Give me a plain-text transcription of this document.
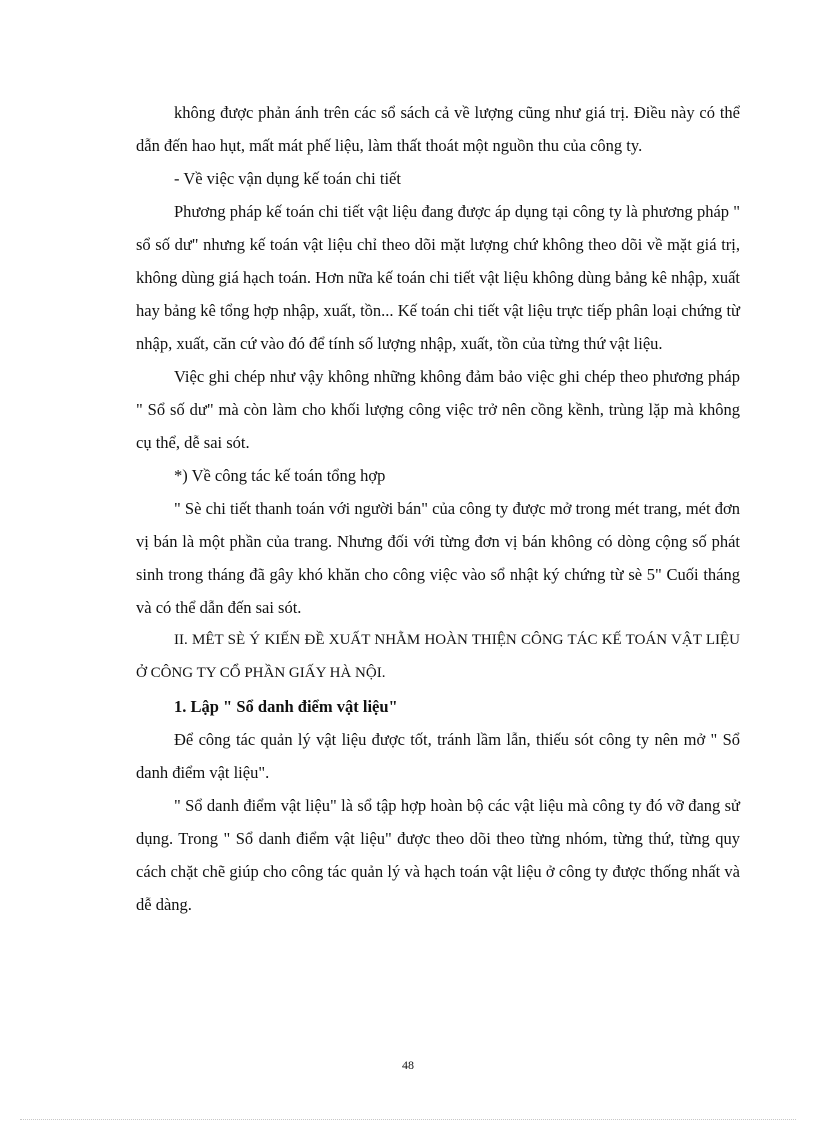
không được phản ánh trên các sổ sách cả về lượng cũng như giá trị. Điều này có thể dẫn đến hao hụt, mất mát phế liệu, làm thất thoát một nguồn thu của công ty.

- Về việc vận dụng kế toán chi tiết

Phương pháp kế toán chi tiết vật liệu đang được áp dụng tại công ty là phương pháp " sổ số dư" nhưng kế toán vật liệu chỉ theo dõi mặt lượng chứ không theo dõi về mặt giá trị, không dùng giá hạch toán. Hơn nữa kế toán chi tiết vật liệu không dùng bảng kê nhập, xuất hay bảng kê tổng hợp nhập, xuất, tồn... Kế toán chi tiết vật liệu trực tiếp phân loại chứng từ nhập, xuất, căn cứ vào đó để tính số lượng nhập, xuất, tồn của từng thứ vật liệu.

Việc ghi chép như vậy không những không đảm bảo việc ghi chép theo phương pháp " Sổ số dư" mà còn làm cho khối lượng công việc trở nên cồng kềnh, trùng lặp mà không cụ thể, dễ sai sót.

*) Về công tác kế toán tổng hợp

" Sè chi tiết thanh toán với người bán" của công ty được mở trong mét trang, mét đơn vị bán là một phần của trang. Nhưng đối với từng đơn vị bán không có dòng cộng số phát sinh trong tháng đã gây khó khăn cho công việc vào sổ nhật ký chứng từ sè 5" Cuối tháng và có thể dẫn đến sai sót.

II. MÊT SÈ Ý KIẾN ĐỀ XUẤT NHẰM HOÀN THIỆN CÔNG TÁC KẾ TOÁN VẬT LIỆU Ở CÔNG TY CỔ PHẦN GIẤY HÀ NỘI.

1. Lập " Sổ danh điểm vật liệu"

Để công tác quản lý vật liệu được tốt, tránh lầm lẫn, thiếu sót công ty nên mở " Sổ danh điểm vật liệu".

" Sổ danh điểm vật liệu" là sổ tập hợp hoàn bộ các vật liệu mà công ty đó vỡ đang sử dụng. Trong " Sổ danh điểm vật liệu" được theo dõi theo từng nhóm, từng thứ, từng quy cách chặt chẽ giúp cho công tác quản lý và hạch toán vật liệu ở công ty được thống nhất và dễ dàng.

48
